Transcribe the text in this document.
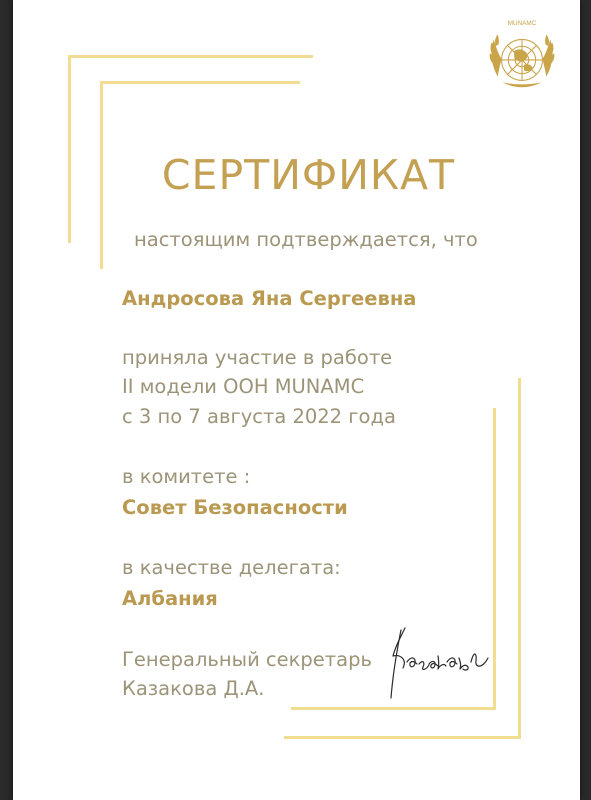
MUNAMC
СЕРТИФИКАТ
настоящим подтверждается, что
Андросова Яна Сергеевна
приняла участие в работе
II модели ООН MUNAMC
с 3 по 7 августа 2022 года
в комитете :
Совет Безопасности
в качестве делегата:
Албания
Генеральный секретарь
Казакова Д.А.
Казакова
